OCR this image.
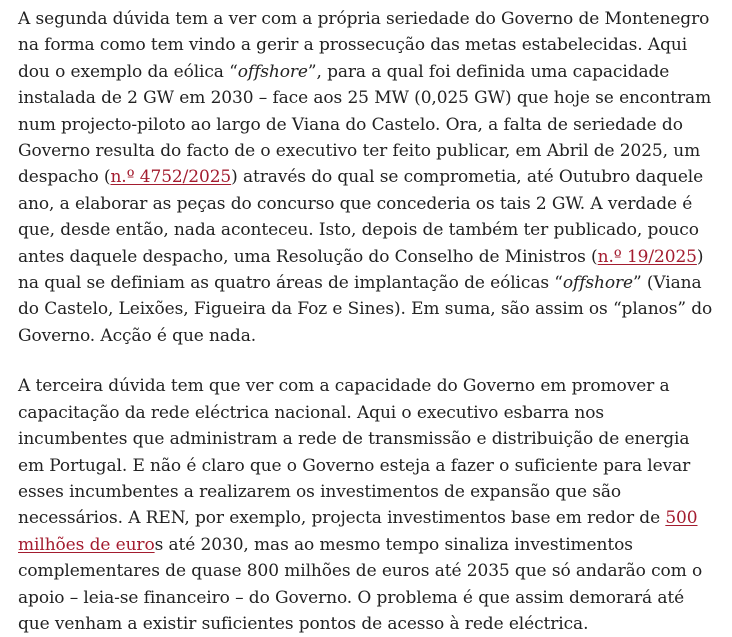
A segunda dúvida tem a ver com a própria seriedade do Governo de Montenegro na forma como tem vindo a gerir a prossecução das metas estabelecidas. Aqui dou o exemplo da eólica “offshore”, para a qual foi definida uma capacidade instalada de 2 GW em 2030 – face aos 25 MW (0,025 GW) que hoje se encontram num projecto-piloto ao largo de Viana do Castelo. Ora, a falta de seriedade do Governo resulta do facto de o executivo ter feito publicar, em Abril de 2025, um despacho (n.º 4752/2025) através do qual se comprometia, até Outubro daquele ano, a elaborar as peças do concurso que concederia os tais 2 GW. A verdade é que, desde então, nada aconteceu. Isto, depois de também ter publicado, pouco antes daquele despacho, uma Resolução do Conselho de Ministros (n.º 19/2025) na qual se definiam as quatro áreas de implantação de eólicas “offshore” (Viana do Castelo, Leixões, Figueira da Foz e Sines). Em suma, são assim os “planos” do Governo. Acção é que nada.

A terceira dúvida tem que ver com a capacidade do Governo em promover a capacitação da rede eléctrica nacional. Aqui o executivo esbarra nos incumbentes que administram a rede de transmissão e distribuição de energia em Portugal. E não é claro que o Governo esteja a fazer o suficiente para levar esses incumbentes a realizarem os investimentos de expansão que são necessários. A REN, por exemplo, projecta investimentos base em redor de 500 milhões de euros até 2030, mas ao mesmo tempo sinaliza investimentos complementares de quase 800 milhões de euros até 2035 que só andarão com o apoio – leia-se financeiro – do Governo. O problema é que assim demorará até que venham a existir suficientes pontos de acesso à rede eléctrica.
